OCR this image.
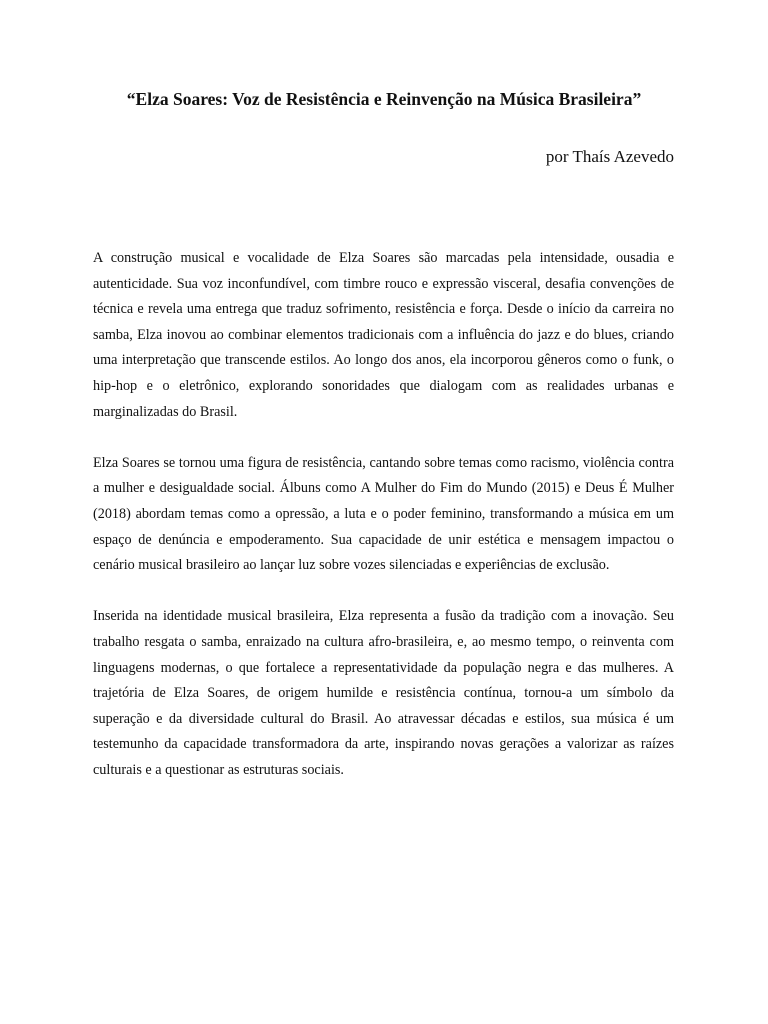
“Elza Soares: Voz de Resistência e Reinvenção na Música Brasileira”

por Thaís Azevedo

A construção musical e vocalidade de Elza Soares são marcadas pela intensidade, ousadia e autenticidade. Sua voz inconfundível, com timbre rouco e expressão visceral, desafia convenções de técnica e revela uma entrega que traduz sofrimento, resistência e força. Desde o início da carreira no samba, Elza inovou ao combinar elementos tradicionais com a influência do jazz e do blues, criando uma interpretação que transcende estilos. Ao longo dos anos, ela incorporou gêneros como o funk, o hip-hop e o eletrônico, explorando sonoridades que dialogam com as realidades urbanas e marginalizadas do Brasil.

Elza Soares se tornou uma figura de resistência, cantando sobre temas como racismo, violência contra a mulher e desigualdade social. Álbuns como A Mulher do Fim do Mundo (2015) e Deus É Mulher (2018) abordam temas como a opressão, a luta e o poder feminino, transformando a música em um espaço de denúncia e empoderamento. Sua capacidade de unir estética e mensagem impactou o cenário musical brasileiro ao lançar luz sobre vozes silenciadas e experiências de exclusão.

Inserida na identidade musical brasileira, Elza representa a fusão da tradição com a inovação. Seu trabalho resgata o samba, enraizado na cultura afro-brasileira, e, ao mesmo tempo, o reinventa com linguagens modernas, o que fortalece a representatividade da população negra e das mulheres. A trajetória de Elza Soares, de origem humilde e resistência contínua, tornou-a um símbolo da superação e da diversidade cultural do Brasil. Ao atravessar décadas e estilos, sua música é um testemunho da capacidade transformadora da arte, inspirando novas gerações a valorizar as raízes culturais e a questionar as estruturas sociais.
